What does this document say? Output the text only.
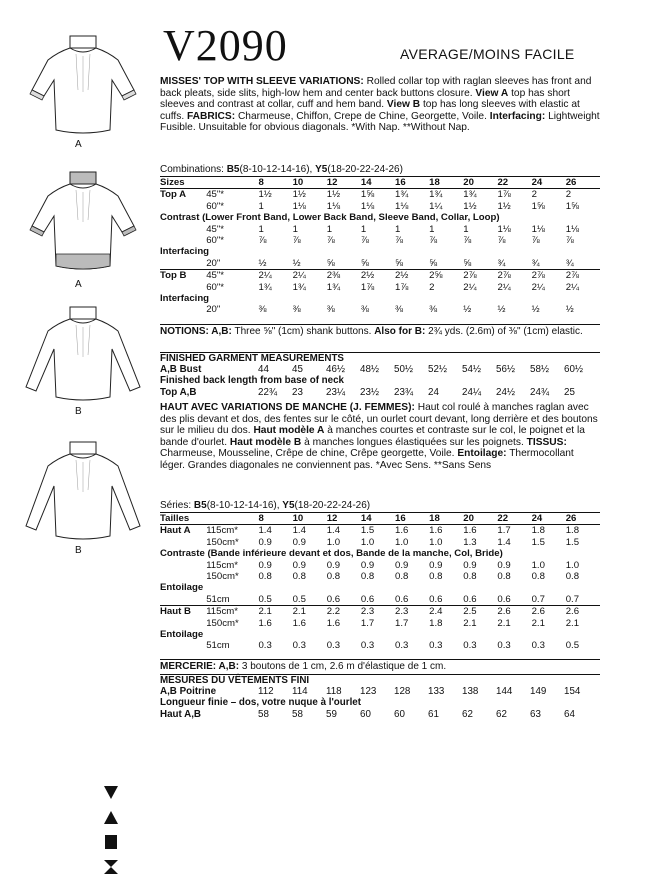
V2090	AVERAGE/MOINS FACILE
A
A
B
B
MISSES' TOP WITH SLEEVE VARIATIONS: Rolled collar top with raglan sleeves has front and back pleats, side slits, high-low hem and center back buttons closure. View A top has short sleeves and contrast at collar, cuff and hem band. View B top has long sleeves with elastic at cuffs. FABRICS: Charmeuse, Chiffon, Crepe de Chine, Georgette, Voile. Interfacing: Lightweight Fusible. Unsuitable for obvious diagonals. *With Nap. **Without Nap.
Combinations: B5(8-10-12-14-16), Y5(18-20-22-24-26)
Sizes		8	10	12	14	16	18	20	22	24	26
Top A	45"*	1½	1½	1½	1⅝	1¾	1¾	1¾	1⅞	2	2
	60"*	1	1⅛	1⅛	1⅛	1⅛	1¼	1½	1½	1⅝	1⅝
Contrast (Lower Front Band, Lower Back Band, Sleeve Band, Collar, Loop)											
	45"*	1	1	1	1	1	1	1	1⅛	1⅛	1⅛
	60"*	⅞	⅞	⅞	⅞	⅞	⅞	⅞	⅞	⅞	⅞
Interfacing											
	20"	½	½	⅝	⅝	⅝	⅝	⅝	¾	¾	¾
Top B	45"*	2¼	2¼	2⅜	2½	2½	2⅝	2⅞	2⅞	2⅞	2⅞
	60"*	1¾	1¾	1¾	1⅞	1⅞	2	2¼	2¼	2¼	2¼
Interfacing											
	20"	⅜	⅜	⅜	⅜	⅜	⅜	½	½	½	½
NOTIONS: A,B: Three ⅝" (1cm) shank buttons. Also for B: 2¾ yds. (2.6m) of ⅜" (1cm) elastic.
FINISHED GARMENT MEASUREMENTS
A,B Bust	44	45	46½	48½	50½	52½	54½	56½	58½	60½
Finished back length from base of neck
Top A,B	22¾	23	23¼	23½	23¾	24	24¼	24½	24¾	25
HAUT AVEC VARIATIONS DE MANCHE (J. FEMMES): Haut col roulé à manches raglan avec des plis devant et dos, des fentes sur le côté, un ourlet court devant, long derrière et des boutons sur le milieu du dos. Haut modèle A à manches courtes et contraste sur le col, le poignet et la bande d'ourlet. Haut modèle B à manches longues élastiquées sur les poignets. TISSUS: Charmeuse, Mousseline, Crêpe de chine, Crêpe georgette, Voile. Entoilage: Thermocollant léger. Grandes diagonales ne conviennent pas. *Avec Sens. **Sans Sens
Séries: B5(8-10-12-14-16), Y5(18-20-22-24-26)
Tailles		8	10	12	14	16	18	20	22	24	26
Haut A	115cm*	1.4	1.4	1.4	1.5	1.6	1.6	1.6	1.7	1.8	1.8
	150cm*	0.9	0.9	1.0	1.0	1.0	1.0	1.3	1.4	1.5	1.5
Contraste (Bande inférieure devant et dos, Bande de la manche, Col, Bride)											
	115cm*	0.9	0.9	0.9	0.9	0.9	0.9	0.9	0.9	1.0	1.0
	150cm*	0.8	0.8	0.8	0.8	0.8	0.8	0.8	0.8	0.8	0.8
Entoilage											
	51cm	0.5	0.5	0.6	0.6	0.6	0.6	0.6	0.6	0.7	0.7
Haut B	115cm*	2.1	2.1	2.2	2.3	2.3	2.4	2.5	2.6	2.6	2.6
	150cm*	1.6	1.6	1.6	1.7	1.7	1.8	2.1	2.1	2.1	2.1
Entoilage											
	51cm	0.3	0.3	0.3	0.3	0.3	0.3	0.3	0.3	0.3	0.5
MERCERIE: A,B: 3 boutons de 1 cm, 2.6 m d'élastique de 1 cm.
MESURES DU VÊTEMENTS FINI
A,B Poitrine	112	114	118	123	128	133	138	144	149	154
Longueur finie – dos, votre nuque à l'ourlet
Haut A,B	58	58	59	60	60	61	62	62	63	64
